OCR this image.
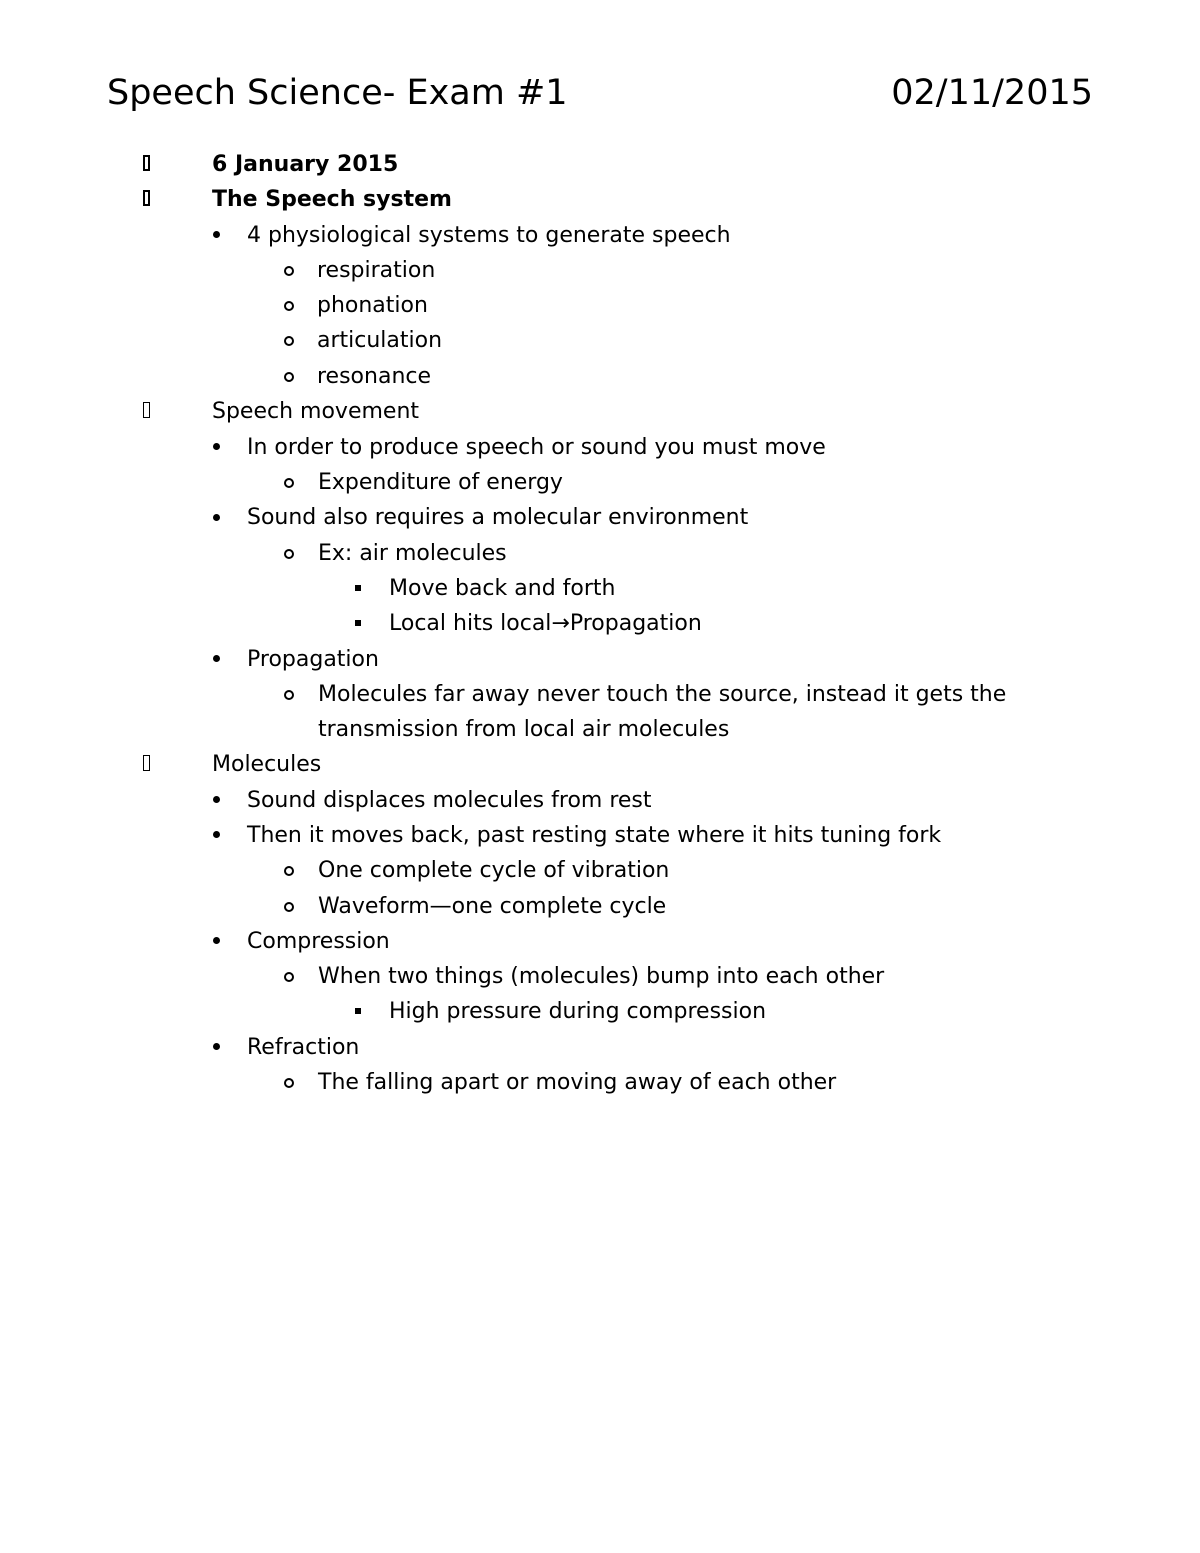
Speech Science- Exam #1	02/11/2015
6 January 2015
The Speech system
4 physiological systems to generate speech
respiration
phonation
articulation
resonance
Speech movement
In order to produce speech or sound you must move
Expenditure of energy
Sound also requires a molecular environment
Ex: air molecules
Move back and forth
Local hits local→Propagation
Propagation
Molecules far away never touch the source, instead it gets the
transmission from local air molecules
Molecules
Sound displaces molecules from rest
Then it moves back, past resting state where it hits tuning fork
One complete cycle of vibration
Waveform—one complete cycle
Compression
When two things (molecules) bump into each other
High pressure during compression
Refraction
The falling apart or moving away of each other
